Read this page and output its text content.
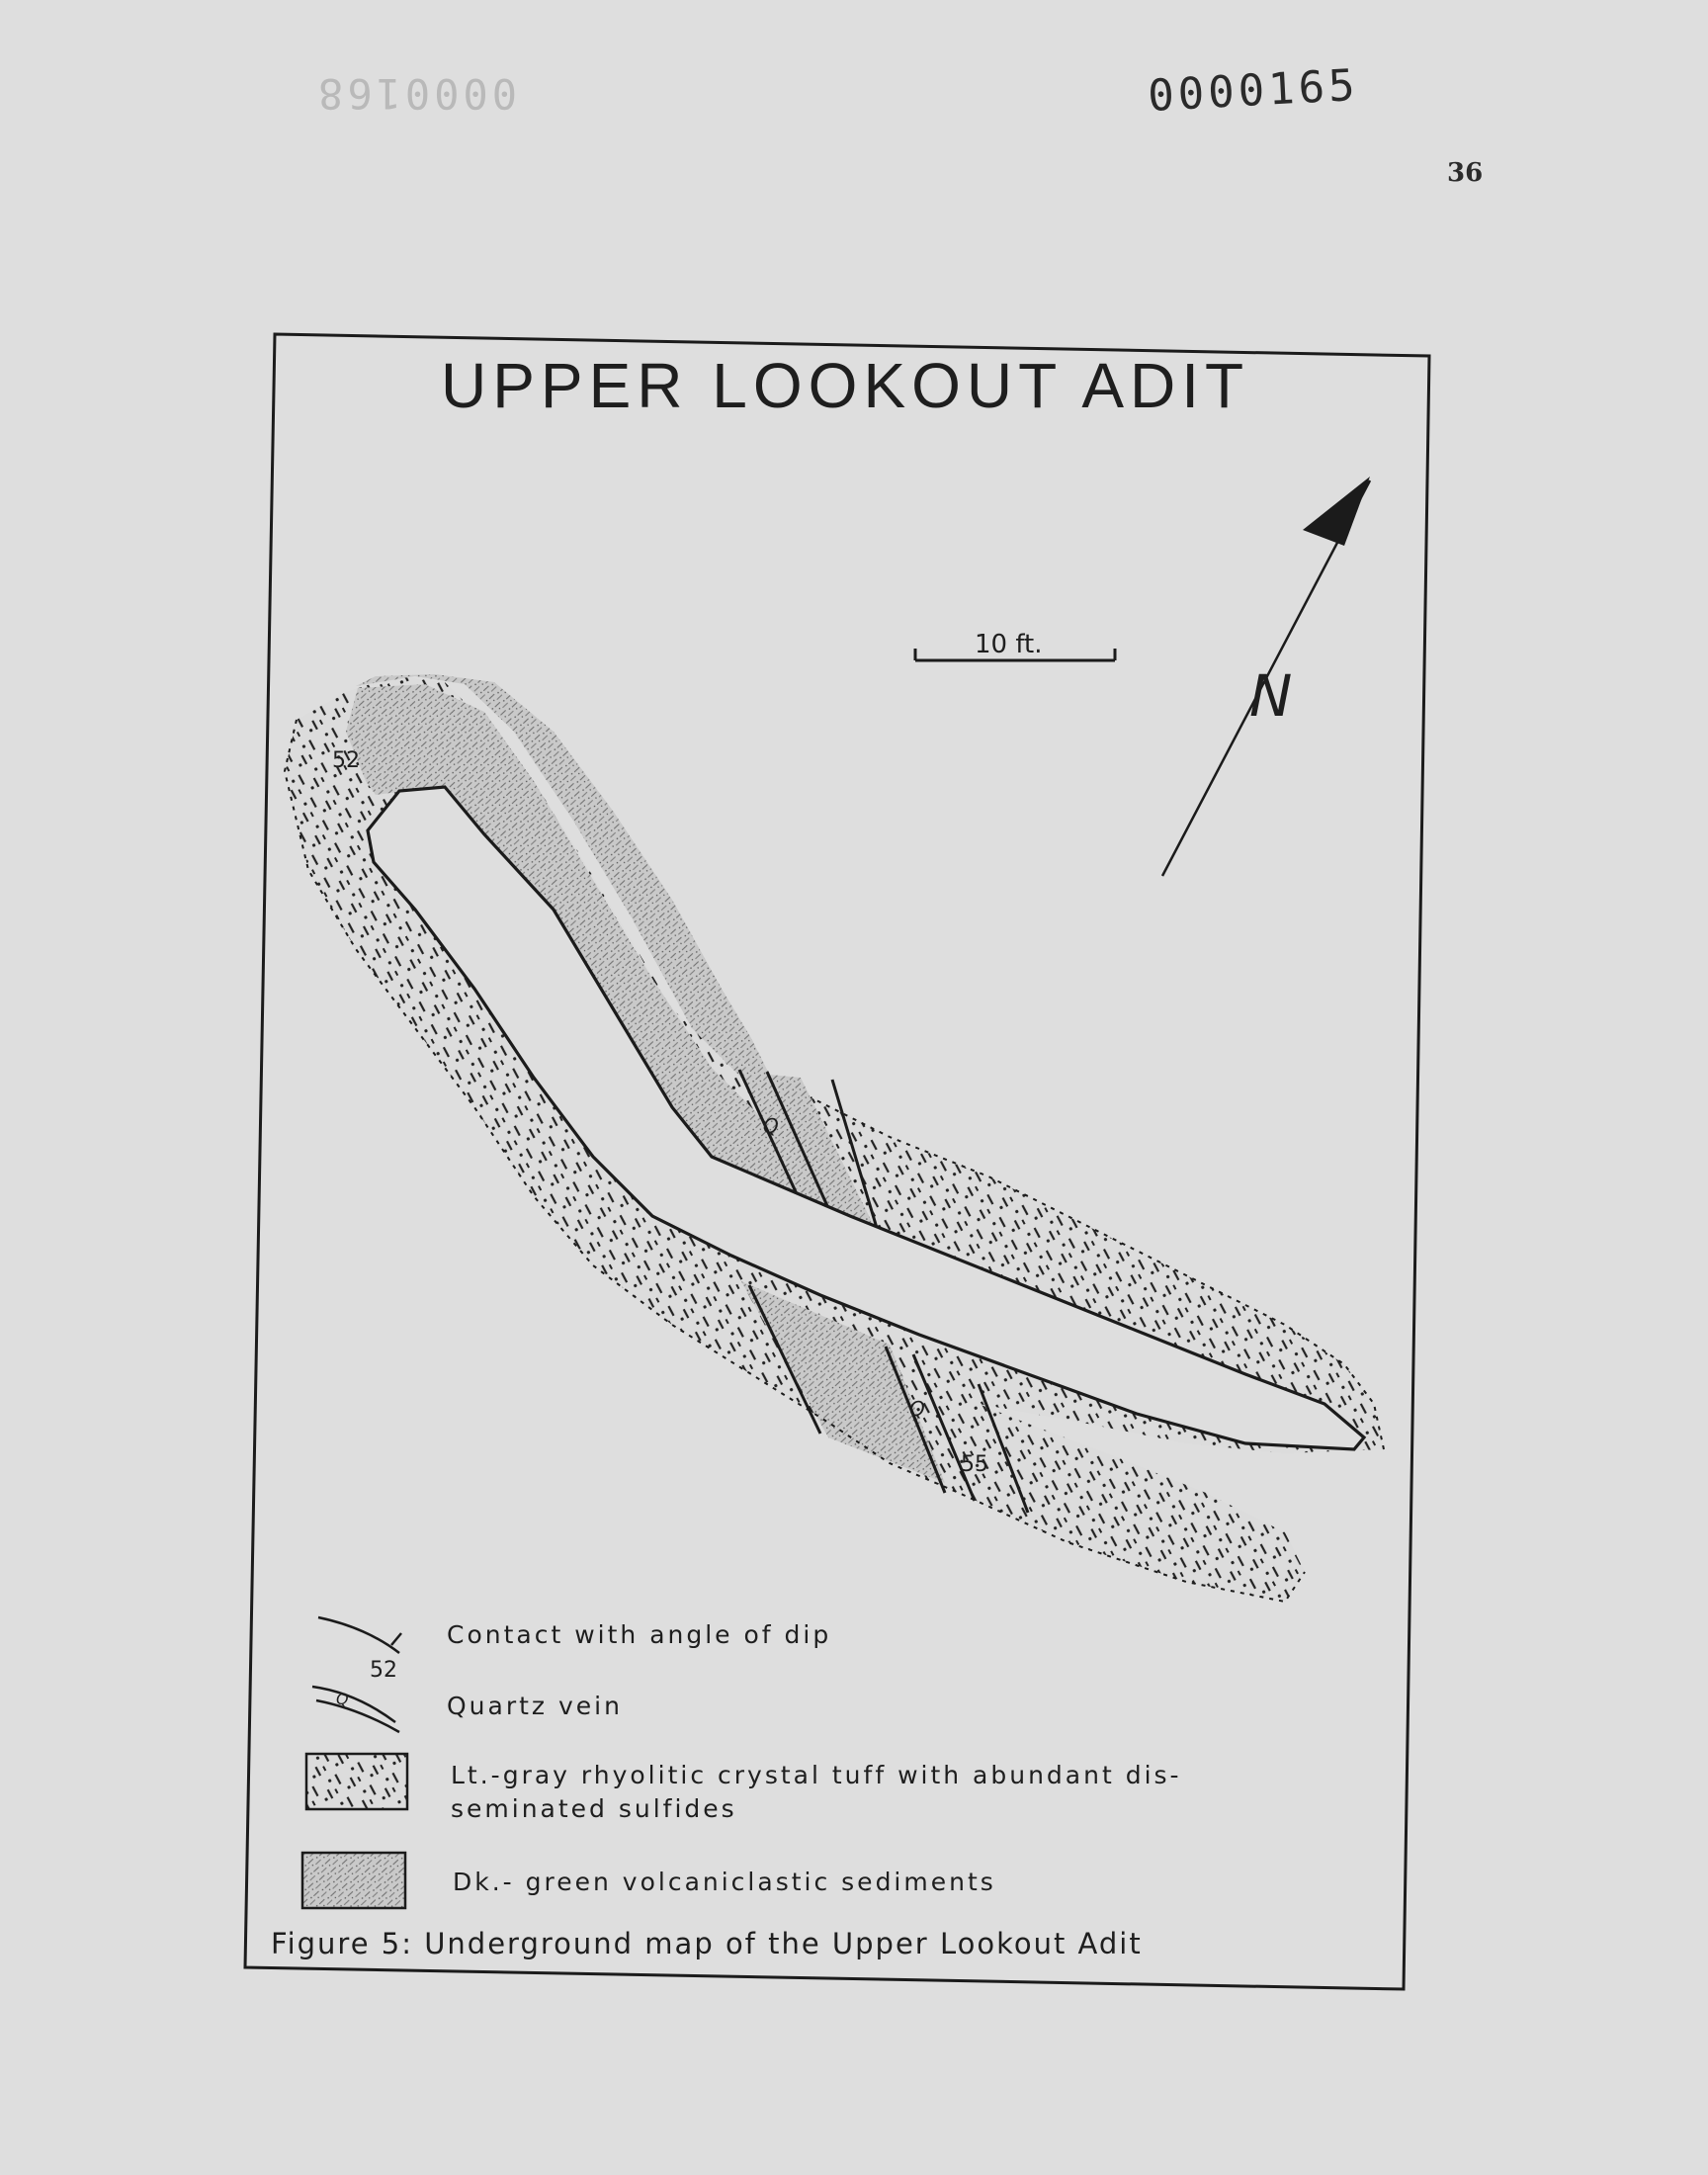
0000168	0000165
36
UPPER LOOKOUT ADIT
N
10 ft.
52
55
Q
Q
52
Contact with angle of dip
Q	Quartz vein
Lt.-gray rhyolitic crystal tuff with abundant dis-
seminated sulfides
Dk.- green volcaniclastic sediments
Figure 5: Underground map of the Upper Lookout Adit
